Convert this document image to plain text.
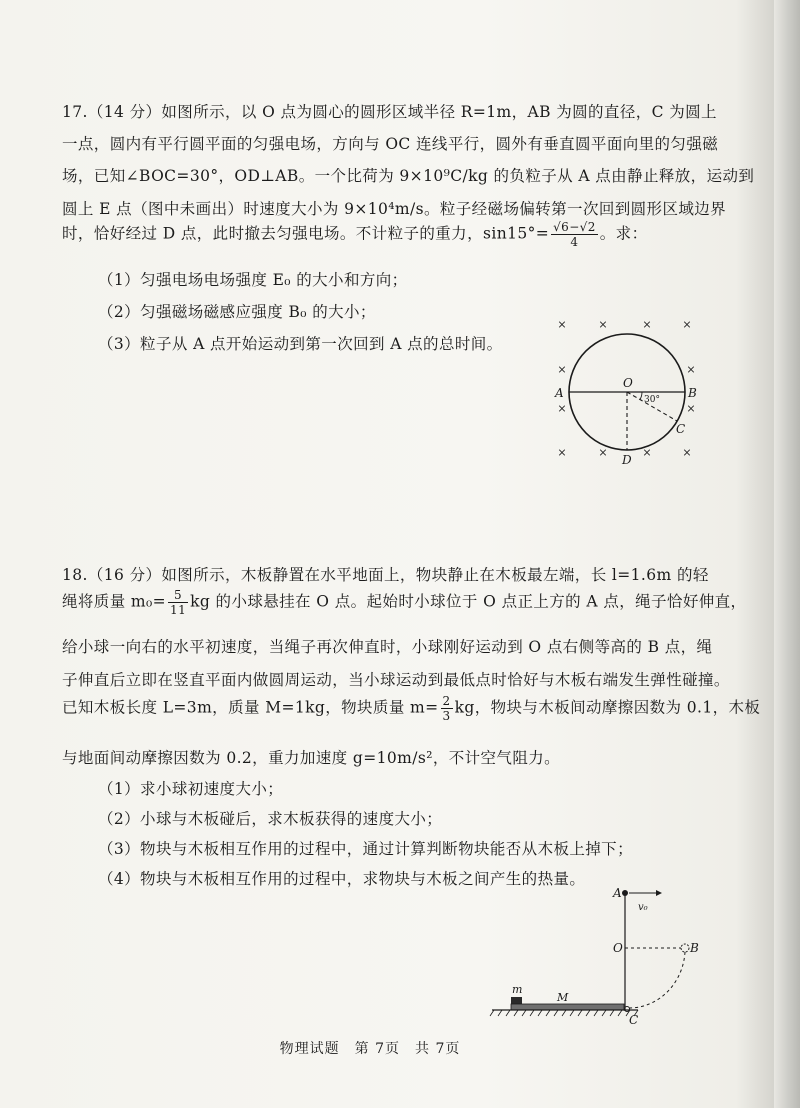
17.（14 分）如图所示，以 O 点为圆心的圆形区域半径 R=1m，AB 为圆的直径，C 为圆上
一点，圆内有平行圆平面的匀强电场，方向与 OC 连线平行，圆外有垂直圆平面向里的匀强磁
场，已知∠BOC=30°，OD⊥AB。一个比荷为 9×10⁹C/kg 的负粒子从 A 点由静止释放，运动到
圆上 E 点（图中未画出）时速度大小为 9×10⁴m/s。粒子经磁场偏转第一次回到圆形区域边界
时，恰好经过 D 点，此时撤去匀强电场。不计粒子的重力，$\sin 15^\circ= \frac{√6-√2}{4}$ 。求：
（1）匀强电场电场强度 E₀ 的大小和方向；
（2）匀强磁场磁感应强度 B₀ 的大小；
（3）粒子从 A 点开始运动到第一次回到 A 点的总时间。
×	×	×	×
×	×
×	×
×	×	×	×
A	B
O
C
D
30°
18.（16 分）如图所示，木板静置在水平地面上，物块静止在木板最左端，长 l=1.6m 的轻
绳将质量 $m_0= \frac{5}{11}$ kg 的小球悬挂在 O 点。起始时小球位于 O 点正上方的 A 点，绳子恰好伸直，
给小球一向右的水平初速度，当绳子再次伸直时，小球刚好运动到 O 点右侧等高的 B 点，绳
子伸直后立即在竖直平面内做圆周运动，当小球运动到最低点时恰好与木板右端发生弹性碰撞。
已知木板长度 L=3m，质量 M=1kg，物块质量 $m= \frac{2}{3}$ kg，物块与木板间动摩擦因数为 0.1，木板
与地面间动摩擦因数为 0.2，重力加速度 g=10m/s²，不计空气阻力。
（1）求小球初速度大小；
（2）小球与木板碰后，求木板获得的速度大小；
（3）物块与木板相互作用的过程中，通过计算判断物块能否从木板上掉下；
（4）物块与木板相互作用的过程中，求物块与木板之间产生的热量。
A
v₀
O	B
C
m
M
物理试题　第 7页　共 7页
